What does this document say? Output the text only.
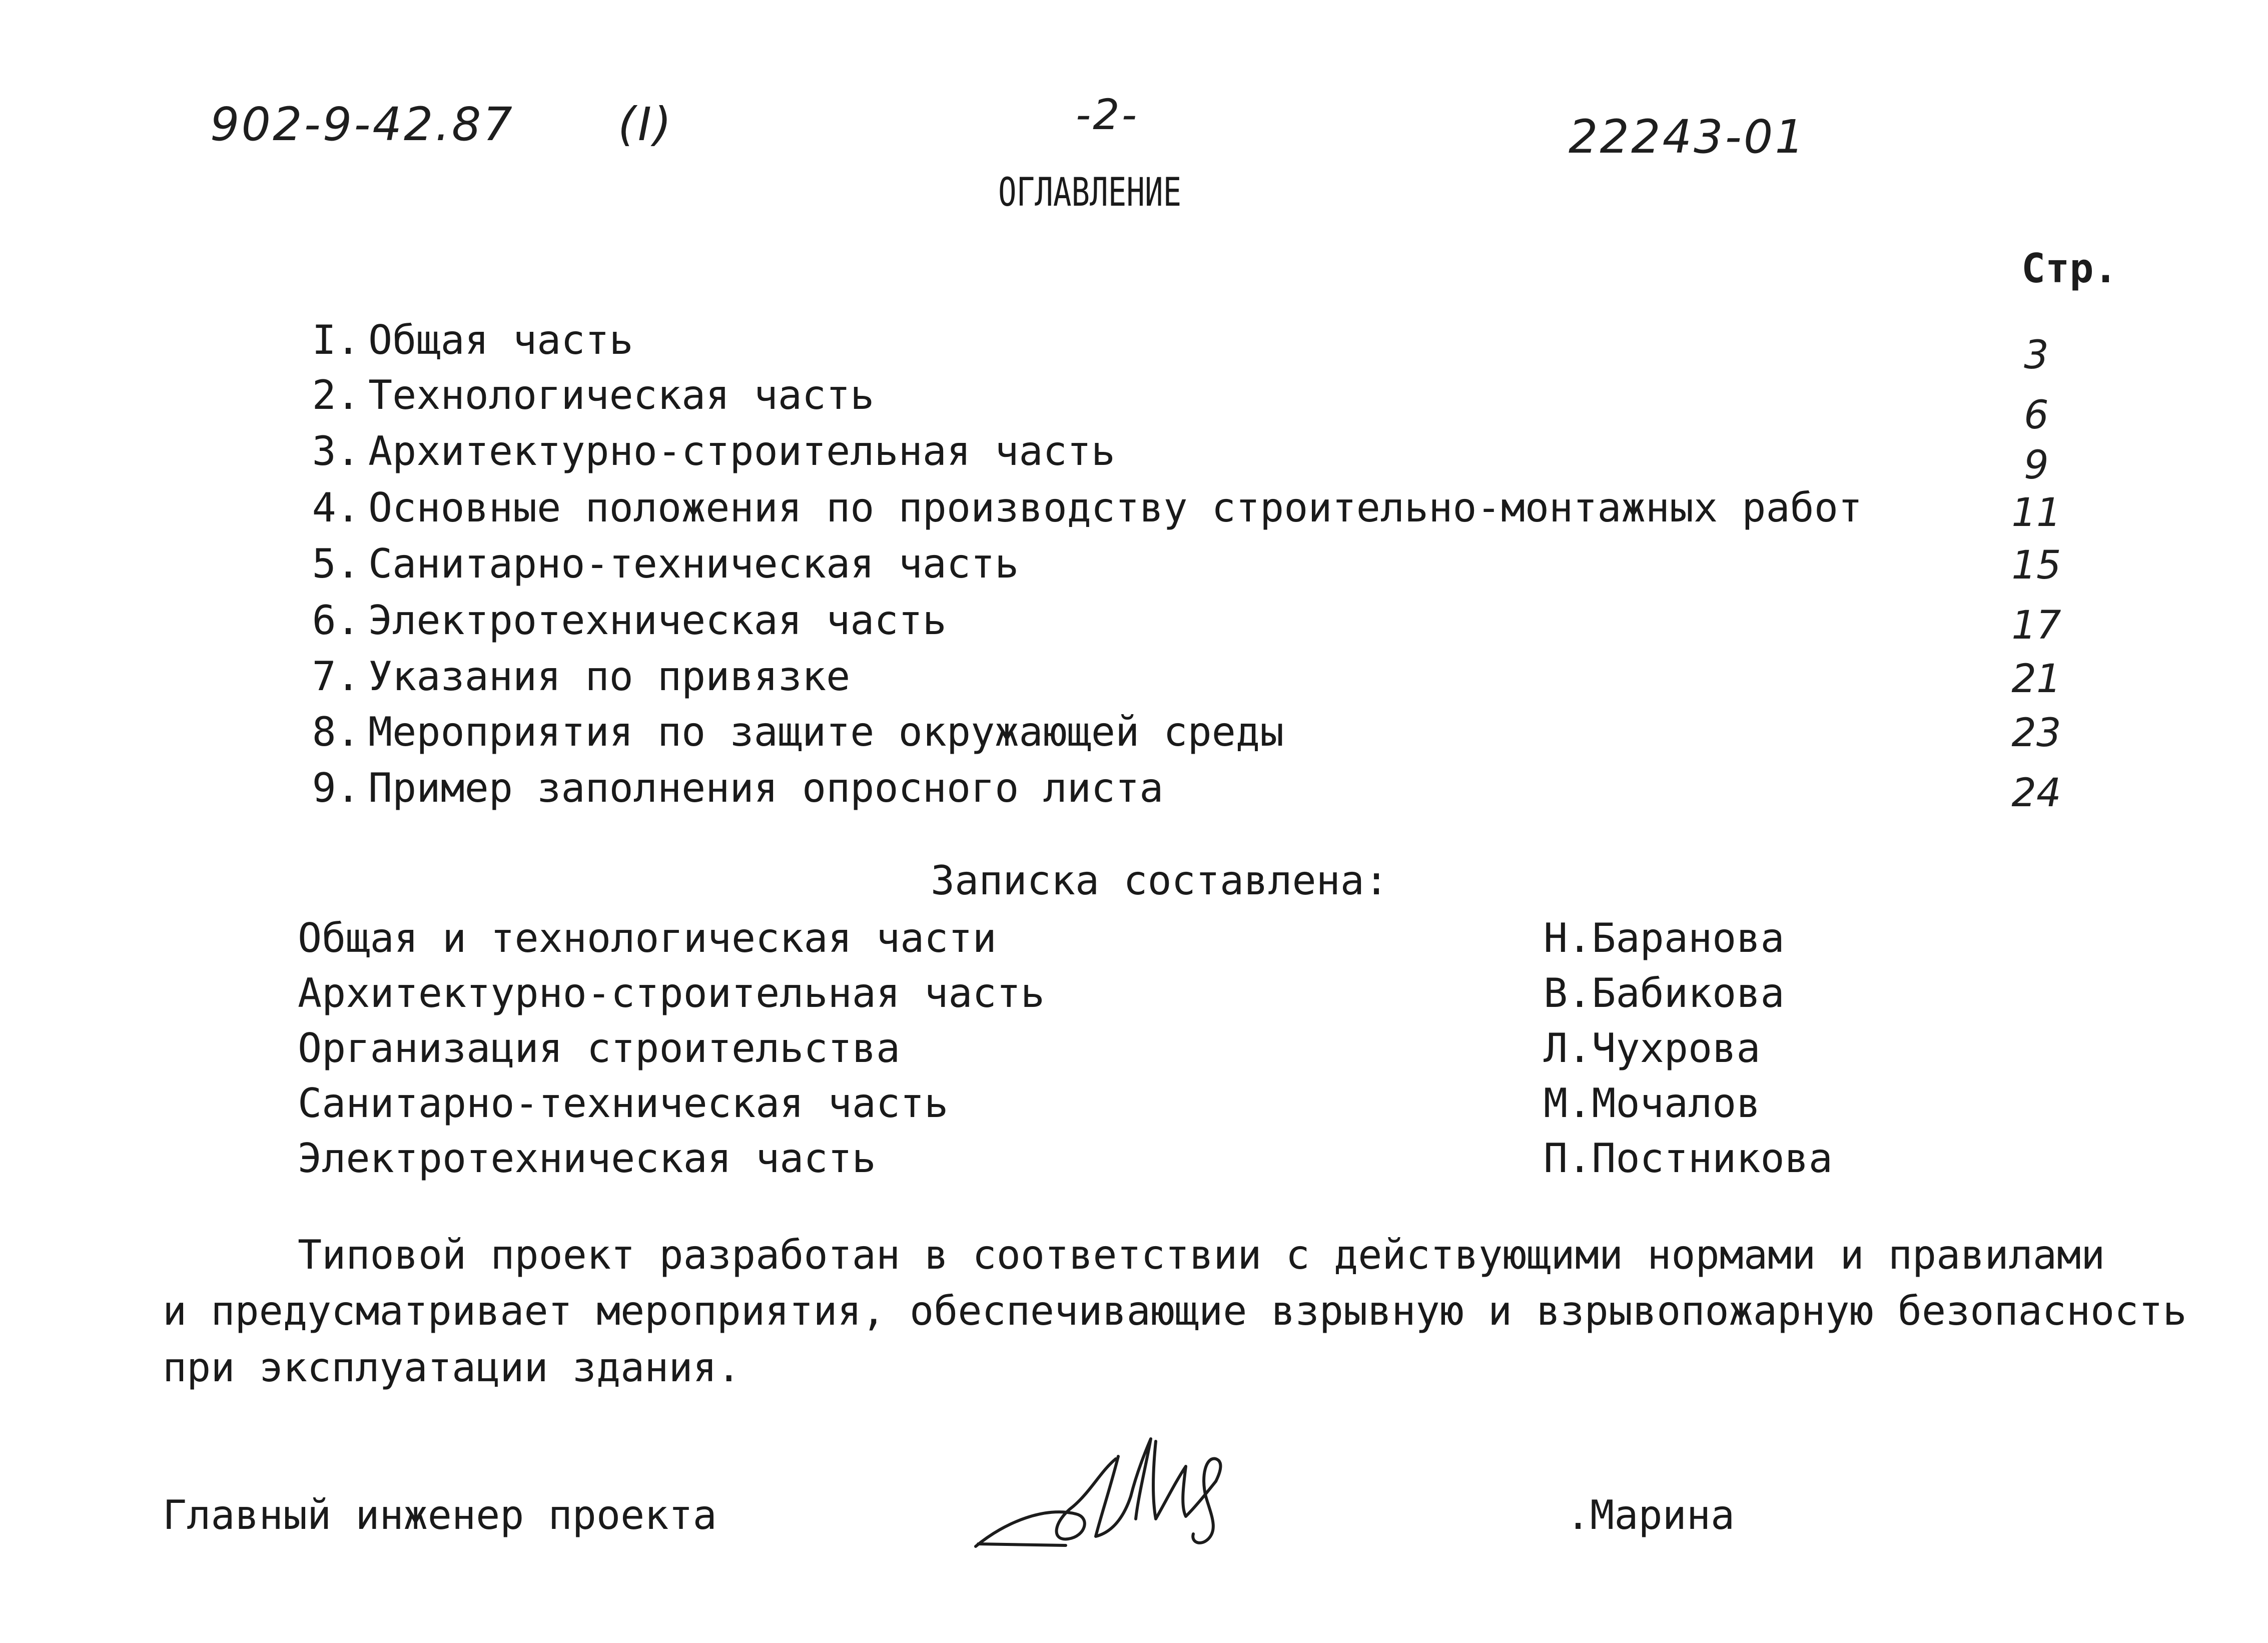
902-9-42.87 (I)	-2-	22243-01
ОГЛАВЛЕНИЕ
Стр.
I. Общая часть	3
2. Технологическая часть	6
3. Архитектурно-строительная часть	9
4. Основные положения по производству строительно-монтажных работ	11
5. Санитарно-техническая часть	15
6. Электротехническая часть	17
7. Указания по привязке	21
8. Мероприятия по защите окружающей среды	23
9. Пример заполнения опросного листа	24
Записка составлена:
Общая и технологическая части	Н.Баранова
Архитектурно-строительная часть	В.Бабикова
Организация строительства	Л.Чухрова
Санитарно-техническая часть	М.Мочалов
Электротехническая часть	П.Постникова
Типовой проект разработан в соответствии с действующими нормами и правилами
и предусматривает мероприятия, обеспечивающие взрывную и взрывопожарную безопасность
при эксплуатации здания.
Главный инженер проекта	.Марина
